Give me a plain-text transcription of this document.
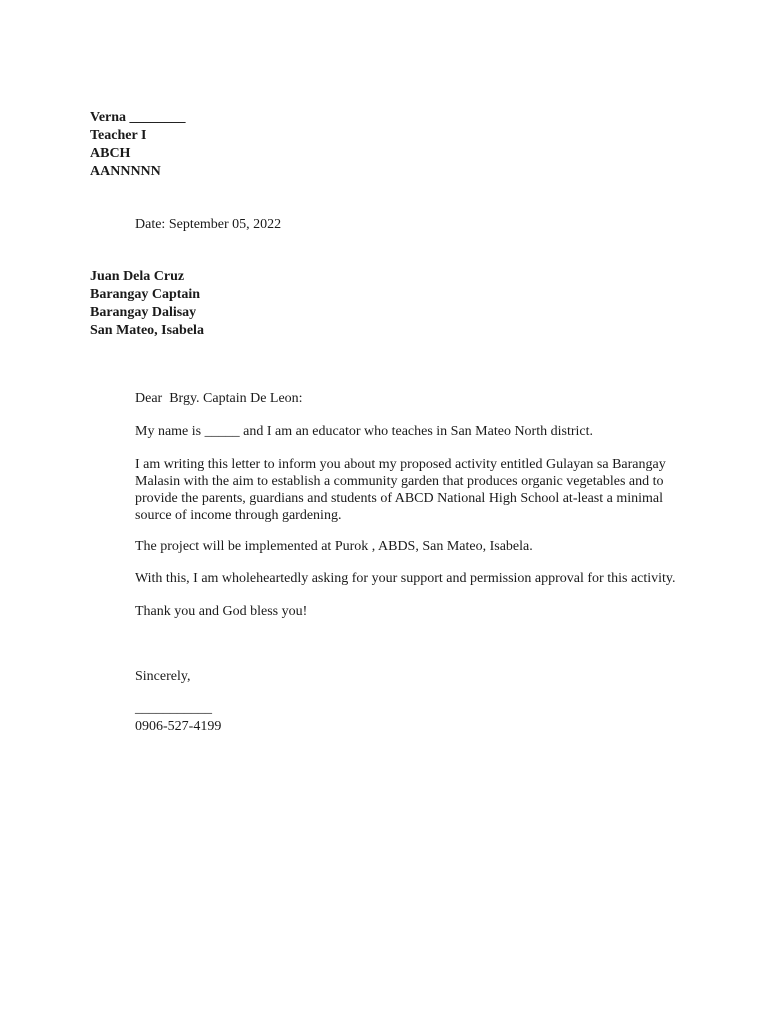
Verna ________
Teacher I
ABCH
AANNNNN
Date: September 05, 2022
Juan Dela Cruz
Barangay Captain
Barangay Dalisay
San Mateo, Isabela
Dear  Brgy. Captain De Leon:
My name is _____ and I am an educator who teaches in San Mateo North district.
I am writing this letter to inform you about my proposed activity entitled Gulayan sa Barangay Malasin with the aim to establish a community garden that produces organic vegetables and to provide the parents, guardians and students of ABCD National High School at-least a minimal source of income through gardening.
The project will be implemented at Purok , ABDS, San Mateo, Isabela.
With this, I am wholeheartedly asking for your support and permission approval for this activity.
Thank you and God bless you!
Sincerely,
___________
0906-527-4199
